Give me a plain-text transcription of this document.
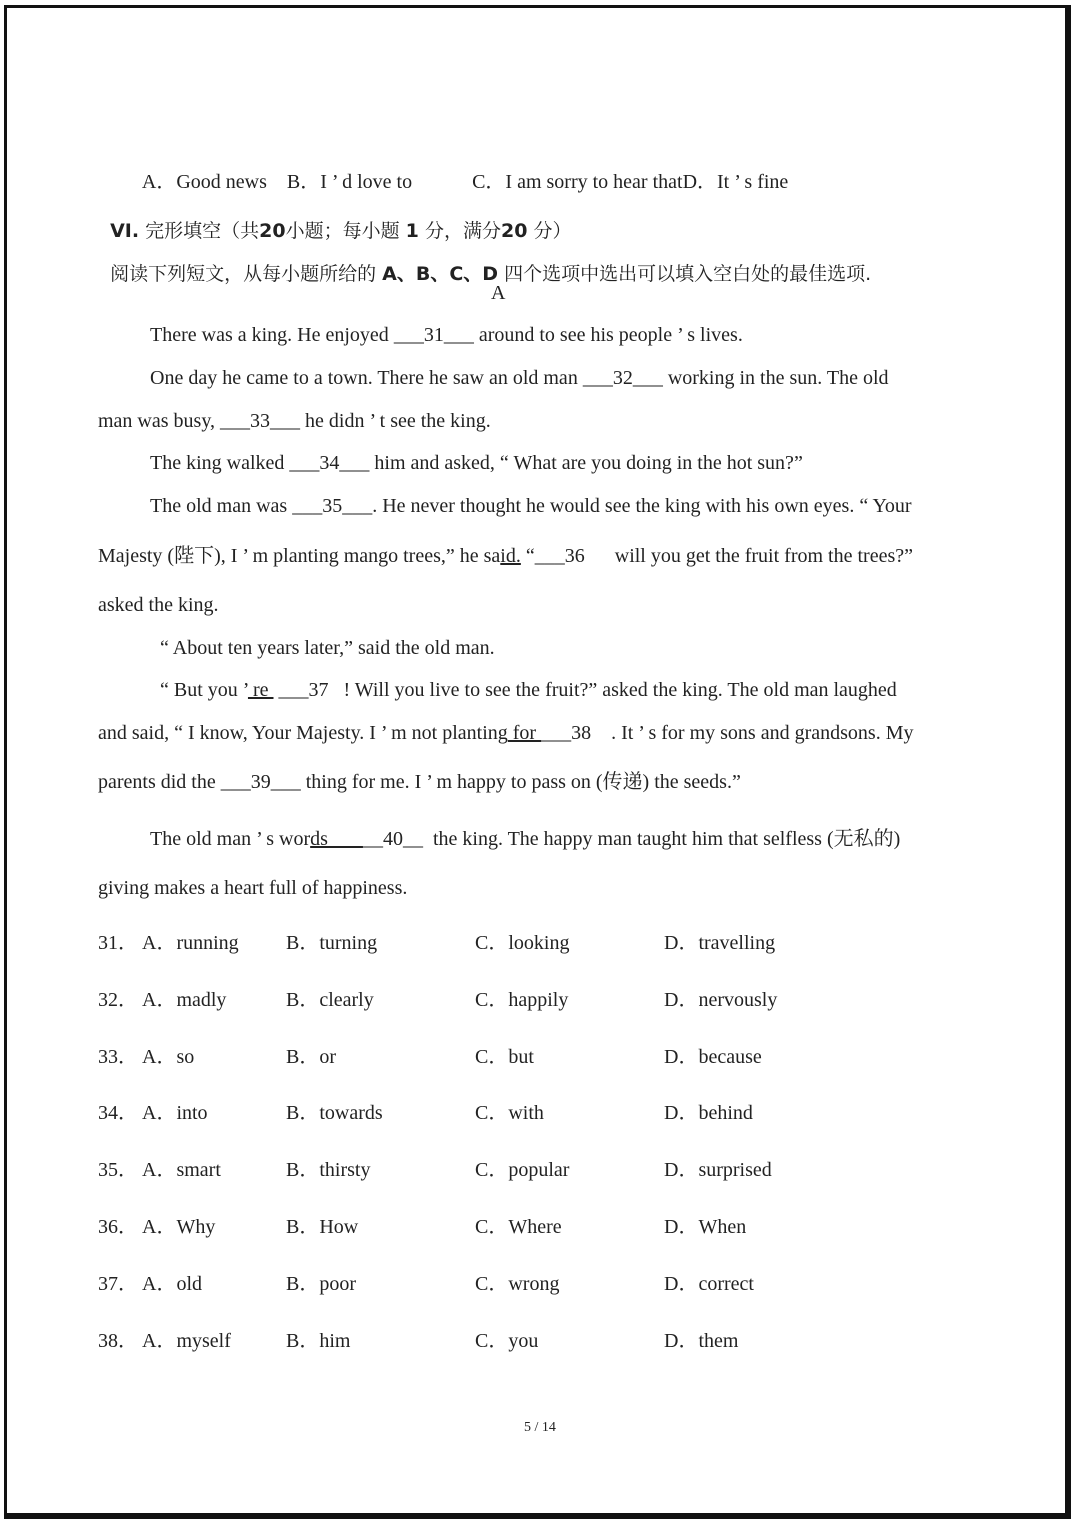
A．Good news B．I ’ d love to	C．I am sorry to hear thatD．It ’ s fine

VI. 完形填空（共20小题；每小题 1 分，满分20 分）

阅读下列短文，从每小题所给的 A、B、C、D 四个选项中选出可以填入空白处的最佳选项.

A
There was a king. He enjoyed ___31___ around to see his people ’ s lives.
One day he came to a town. There he saw an old man ___32___ working in the sun. The old
man was busy, ___33___ he didn ’ t see the king.
The king walked ___34___ him and asked, “ What are you doing in the hot sun?”
The old man was ___35___. He never thought he would see the king with his own eyes. “ Your
Majesty (陛下), I ’ m planting mango trees,” he said. “___36      will you get the fruit from the trees?”
asked the king.
“ About ten years later,” said the old man.
“ But you ’ re  ___37   ! Will you live to see the fruit?” asked the king. The old man laughed
and said, “ I know, Your Majesty. I ’ m not planting for ___38    . It ’ s for my sons and grandsons. My
parents did the ___39___ thing for me. I ’ m happy to pass on (传递) the seeds.”
The old man ’ s words___ __40__  the king. The happy man taught him that selfless (无私的)
giving makes a heart full of happiness.
31． A．running B．turning	C．looking	D．travelling
32． A．madly	B．clearly	C．happily	D．nervously
33． A．so	B．or	C．but	D．because
34． A．into	B．towards	C．with	D．behind
35． A．smart	B．thirsty	C．popular	D．surprised
36． A．Why	B．How	C．Where	D．When
37． A．old	B．poor	C．wrong	D．correct
38． A．myself	B．him	C．you	D．them
5 / 14
